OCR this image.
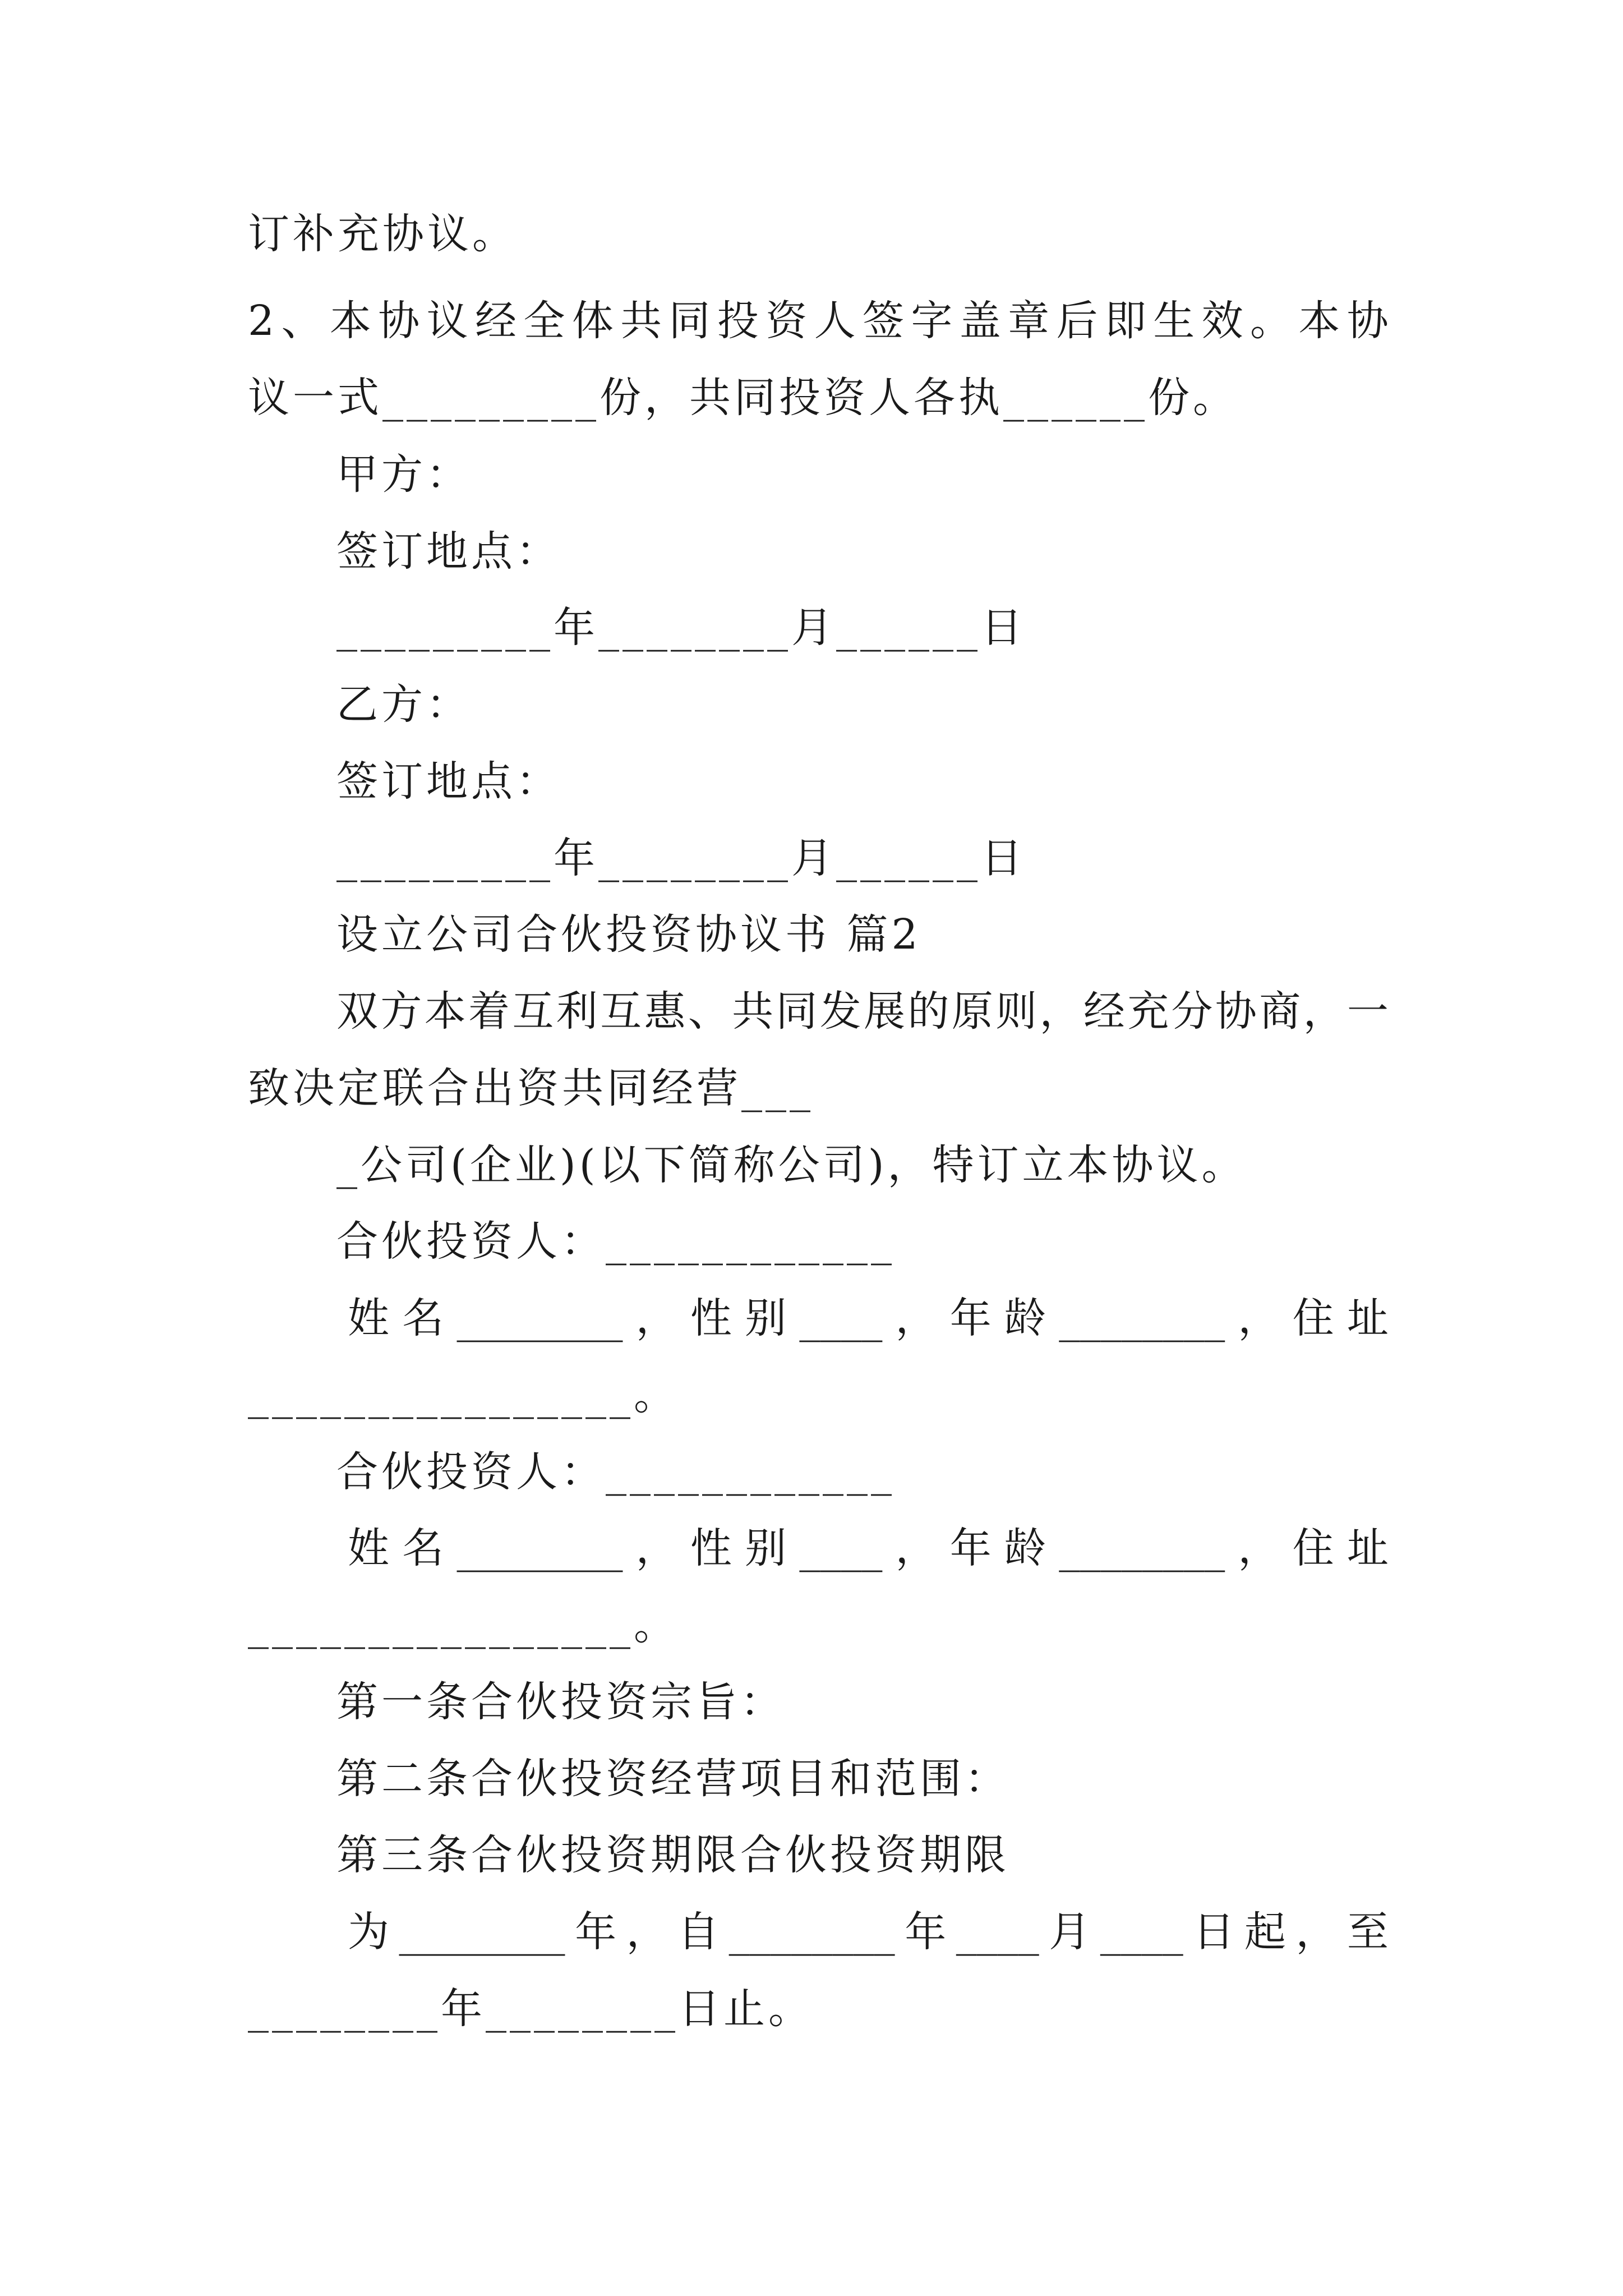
订补充协议。
2 、 本 协 议 经 全 体 共 同 投 资 人 签 字 盖 章 后 即 生 效 。 本 协
议一式_________份，共同投资人各执______份。
甲方：
签订地点：
_________年________月______日
乙方：
签订地点：
_________年________月______日
设立公司合伙投资协议书 篇2
双 方 本 着 互 利 互 惠 、 共 同 发 展 的 原 则 ， 经 充 分 协 商 ， 一
致决定联合出资共同经营___
_公司(企业)(以下简称公司)，特订立本协议。
合伙投资人：____________
姓 名 ________ ， 性 别 ____ ， 年 龄 ________ ， 住 址
________________。
合伙投资人：____________
姓 名 ________ ， 性 别 ____ ， 年 龄 ________ ， 住 址
________________。
第一条合伙投资宗旨：
第二条合伙投资经营项目和范围：
第三条合伙投资期限合伙投资期限
为 ________ 年 ， 自 ________ 年 ____ 月 ____ 日 起 ， 至
________年________日止。
